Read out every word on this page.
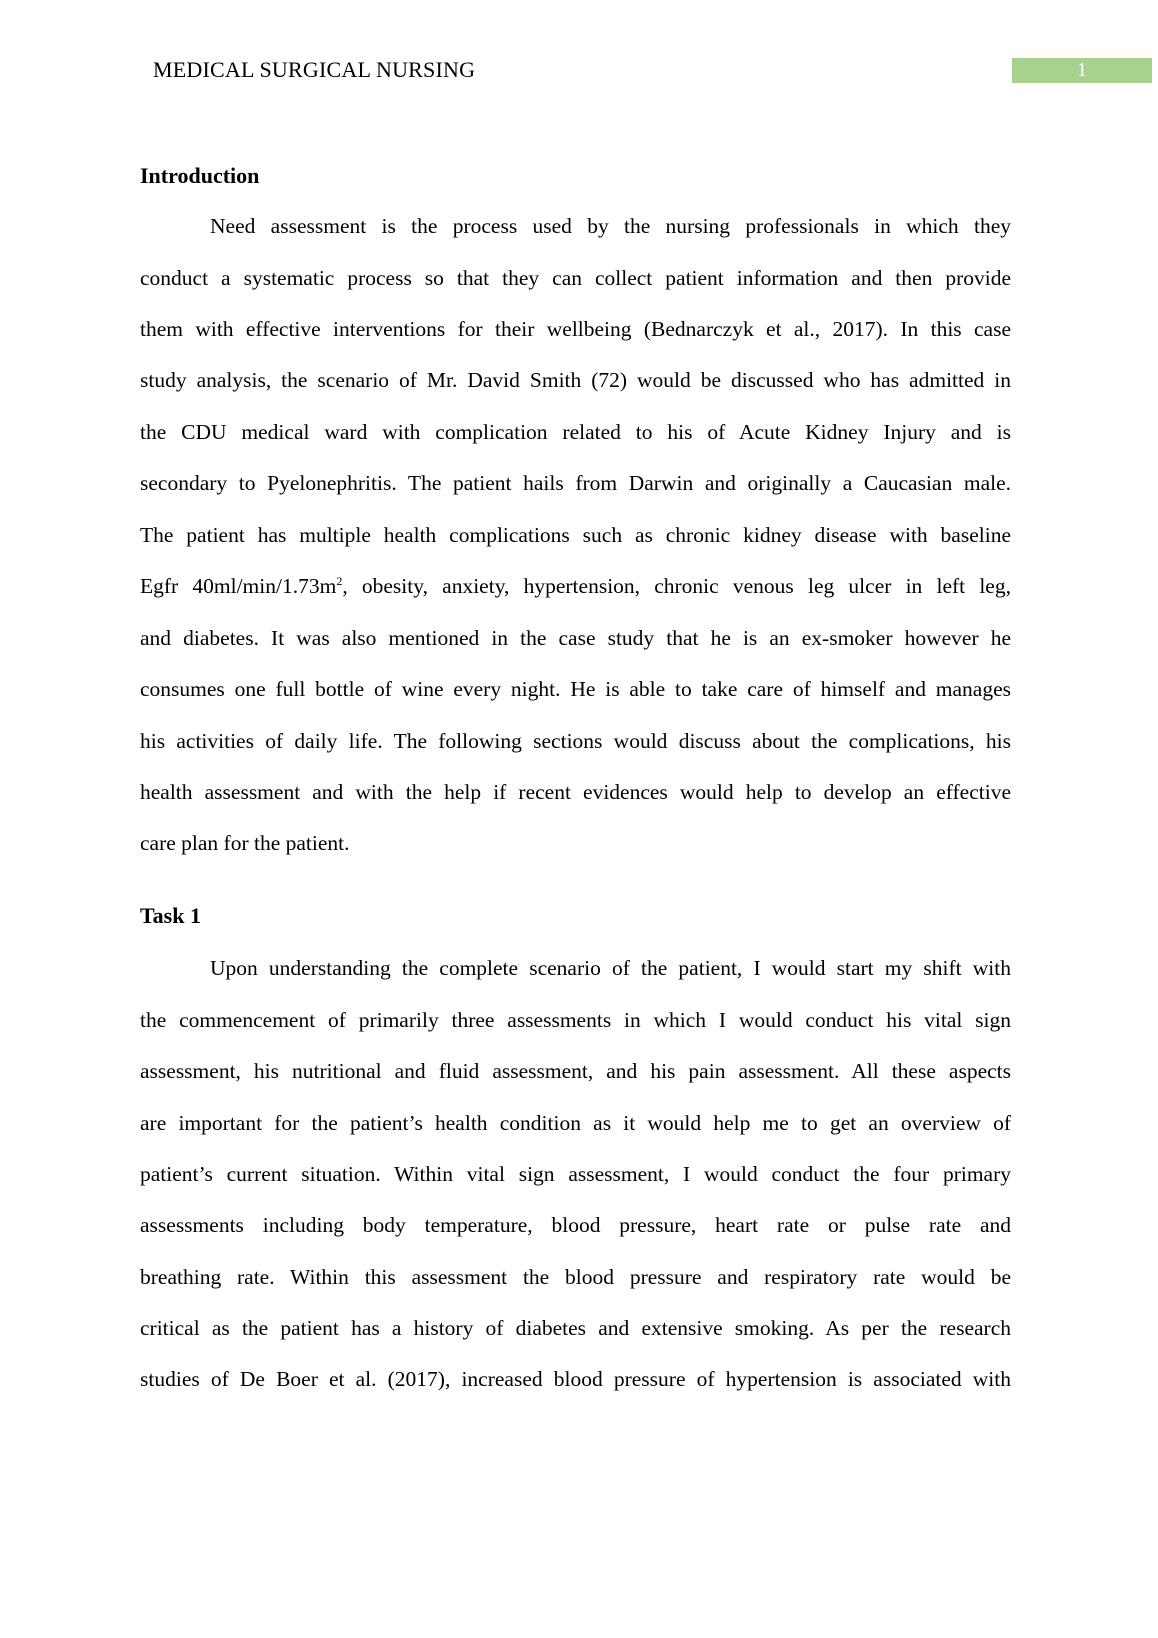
MEDICAL SURGICAL NURSING	1
Introduction
Need assessment is the process used by the nursing professionals in which they
conduct a systematic process so that they can collect patient information and then provide
them with effective interventions for their wellbeing (Bednarczyk et al., 2017). In this case
study analysis, the scenario of Mr. David Smith (72) would be discussed who has admitted in
the CDU medical ward with complication related to his of Acute Kidney Injury and is
secondary to Pyelonephritis. The patient hails from Darwin and originally a Caucasian male.
The patient has multiple health complications such as chronic kidney disease with baseline
Egfr $40ml/\min/1.73m^2$, obesity, anxiety, hypertension, chronic venous leg ulcer in left leg,
and diabetes. It was also mentioned in the case study that he is an ex-smoker however he
consumes one full bottle of wine every night. He is able to take care of himself and manages
his activities of daily life. The following sections would discuss about the complications, his
health assessment and with the help if recent evidences would help to develop an effective
care plan for the patient.
Task 1
Upon understanding the complete scenario of the patient, I would start my shift with
the commencement of primarily three assessments in which I would conduct his vital sign
assessment, his nutritional and fluid assessment, and his pain assessment. All these aspects
are important for the patient’s health condition as it would help me to get an overview of
patient’s current situation. Within vital sign assessment, I would conduct the four primary
assessments including body temperature, blood pressure, heart rate or pulse rate and
breathing rate. Within this assessment the blood pressure and respiratory rate would be
critical as the patient has a history of diabetes and extensive smoking. As per the research
studies of De Boer et al. (2017), increased blood pressure of hypertension is associated with
